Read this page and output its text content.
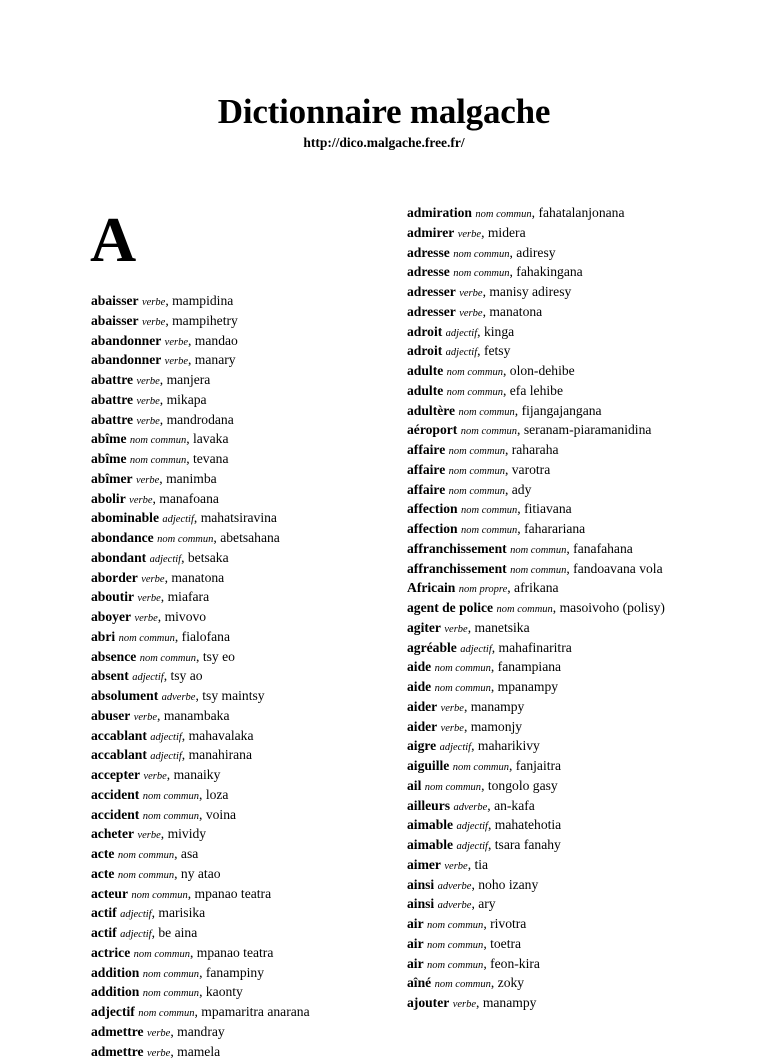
Dictionnaire malgache
http://dico.malgache.free.fr/
A
abaisser verbe, mampidina
abaisser verbe, mampihetry
abandonner verbe, mandao
abandonner verbe, manary
abattre verbe, manjera
abattre verbe, mikapa
abattre verbe, mandrodana
abîme nom commun, lavaka
abîme nom commun, tevana
abîmer verbe, manimba
abolir verbe, manafoana
abominable adjectif, mahatsiravina
abondance nom commun, abetsahana
abondant adjectif, betsaka
aborder verbe, manatona
aboutir verbe, miafara
aboyer verbe, mivovo
abri nom commun, fialofana
absence nom commun, tsy eo
absent adjectif, tsy ao
absolument adverbe, tsy maintsy
abuser verbe, manambaka
accablant adjectif, mahavalaka
accablant adjectif, manahirana
accepter verbe, manaiky
accident nom commun, loza
accident nom commun, voina
acheter verbe, mividy
acte nom commun, asa
acte nom commun, ny atao
acteur nom commun, mpanao teatra
actif adjectif, marisika
actif adjectif, be aina
actrice nom commun, mpanao teatra
addition nom commun, fanampiny
addition nom commun, kaonty
adjectif nom commun, mpamaritra anarana
admettre verbe, mandray
admettre verbe, mamela
admiration nom commun, fahatalanjonana
admirer verbe, midera
adresse nom commun, adiresy
adresse nom commun, fahakingana
adresser verbe, manisy adiresy
adresser verbe, manatona
adroit adjectif, kinga
adroit adjectif, fetsy
adulte nom commun, olon-dehibe
adulte nom commun, efa lehibe
adultère nom commun, fijangajangana
aéroport nom commun, seranam-piaramanidina
affaire nom commun, raharaha
affaire nom commun, varotra
affaire nom commun, ady
affection nom commun, fitiavana
affection nom commun, fahararіana
affranchissement nom commun, fanafahana
affranchissement nom commun, fandoavana vola
Africain nom propre, afrikana
agent de police nom commun, masoivoho (polisy)
agiter verbe, manetsika
agréable adjectif, mahafinaritra
aide nom commun, fanampiana
aide nom commun, mpanampy
aider verbe, manampy
aider verbe, mamonjy
aigre adjectif, maharikivy
aiguille nom commun, fanjaitra
ail nom commun, tongolo gasy
ailleurs adverbe, an-kafa
aimable adjectif, mahatehotia
aimable adjectif, tsara fanahy
aimer verbe, tia
ainsi adverbe, noho izany
ainsi adverbe, ary
air nom commun, rivotra
air nom commun, toetra
air nom commun, feon-kira
aîné nom commun, zoky
ajouter verbe, manampy
